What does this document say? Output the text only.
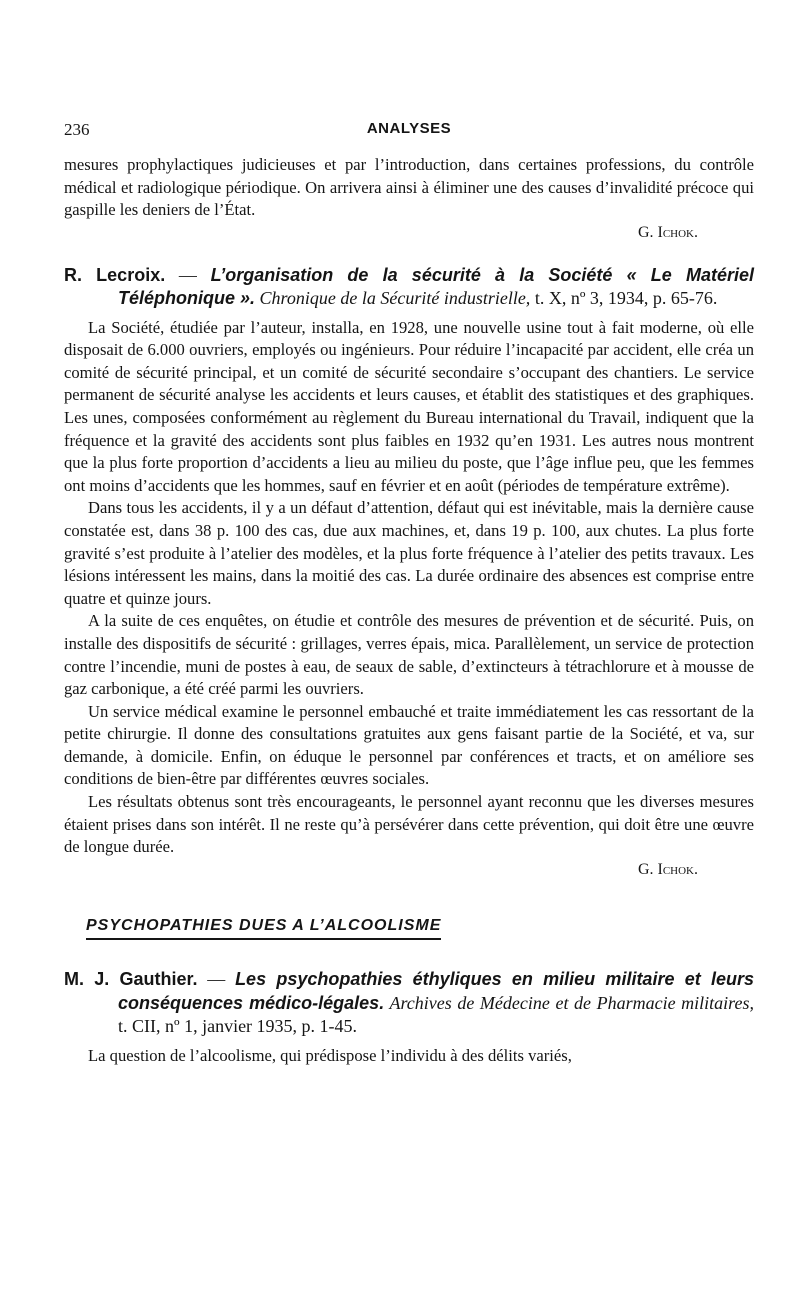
236	ANALYSES

mesures prophylactiques judicieuses et par l’introduction, dans certaines professions, du contrôle médical et radiologique périodique. On arrivera ainsi à éliminer une des causes d’invalidité précoce qui gaspille les deniers de l’État.

G. Ichok.
R. Lecroix. — L’organisation de la sécurité à la Société « Le Matériel Téléphonique ». Chronique de la Sécurité industrielle, t. X, nº 3, 1934, p. 65-76.

La Société, étudiée par l’auteur, installa, en 1928, une nouvelle usine tout à fait moderne, où elle disposait de 6.000 ouvriers, employés ou ingénieurs. Pour réduire l’incapacité par accident, elle créa un comité de sécurité principal, et un comité de sécurité secondaire s’occupant des chantiers. Le service permanent de sécurité analyse les accidents et leurs causes, et établit des statistiques et des graphiques. Les unes, composées conformément au règlement du Bureau international du Travail, indiquent que la fréquence et la gravité des accidents sont plus faibles en 1932 qu’en 1931. Les autres nous montrent que la plus forte proportion d’accidents a lieu au milieu du poste, que l’âge influe peu, que les femmes ont moins d’accidents que les hommes, sauf en février et en août (périodes de température extrême).

Dans tous les accidents, il y a un défaut d’attention, défaut qui est inévitable, mais la dernière cause constatée est, dans 38 p. 100 des cas, due aux machines, et, dans 19 p. 100, aux chutes. La plus forte gravité s’est produite à l’atelier des modèles, et la plus forte fréquence à l’atelier des petits travaux. Les lésions intéressent les mains, dans la moitié des cas. La durée ordinaire des absences est comprise entre quatre et quinze jours.

A la suite de ces enquêtes, on étudie et contrôle des mesures de prévention et de sécurité. Puis, on installe des dispositifs de sécurité : grillages, verres épais, mica. Parallèlement, un service de protection contre l’incendie, muni de postes à eau, de seaux de sable, d’extincteurs à tétrachlorure et à mousse de gaz carbonique, a été créé parmi les ouvriers.

Un service médical examine le personnel embauché et traite immédiatement les cas ressortant de la petite chirurgie. Il donne des consultations gratuites aux gens faisant partie de la Société, et va, sur demande, à domicile. Enfin, on éduque le personnel par conférences et tracts, et on améliore ses conditions de bien-être par différentes œuvres sociales.

Les résultats obtenus sont très encourageants, le personnel ayant reconnu que les diverses mesures étaient prises dans son intérêt. Il ne reste qu’à persévérer dans cette prévention, qui doit être une œuvre de longue durée.

G. Ichok.
PSYCHOPATHIES DUES A L’ALCOOLISME
M. J. Gauthier. — Les psychopathies éthyliques en milieu militaire et leurs conséquences médico-légales. Archives de Médecine et de Pharmacie militaires, t. CII, nº 1, janvier 1935, p. 1-45.

La question de l’alcoolisme, qui prédispose l’individu à des délits variés,
